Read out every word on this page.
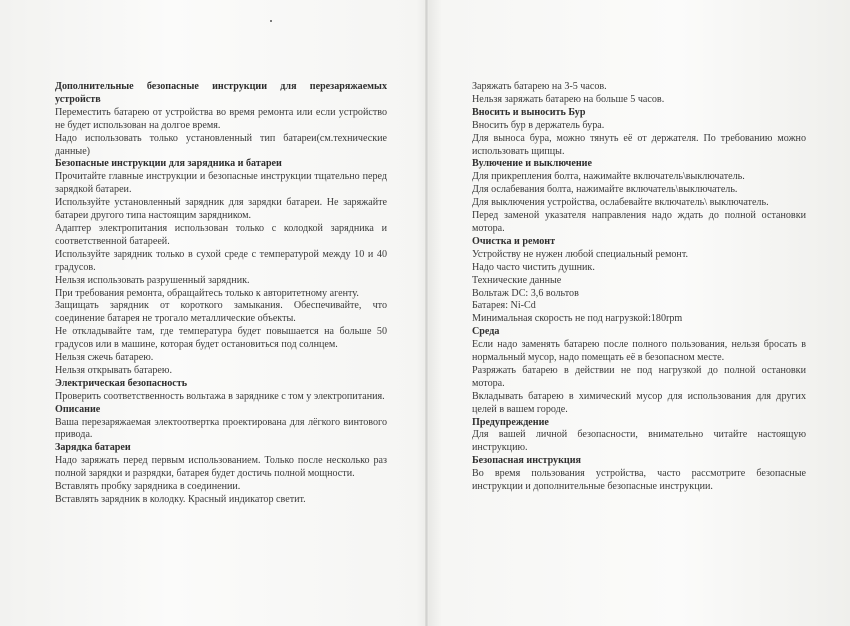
Дополнительные безопасные инструкции для перезаряжаемых устройств
Переместить батарею от устройства во время ремонта или если устройство не будет использован на долгое время.
Надо использовать только установленный тип батареи(см.технические данные)
Безопасные инструкции для зарядника и батареи
Прочитайте главные инструкции и безопасные инструкции тщательно перед зарядкой батареи.
Используйте установленный зарядник для зарядки батареи. Не заряжайте батареи другого типа настоящим зарядником.
Адаптер электропитания использован только с колодкой зарядника и соответственной батареей.
Используйте зарядник только в сухой среде с температурой между 10 и 40 градусов.
Нельзя использовать разрушенный зарядник.
При требования ремонта, обращайтесь только к авторитетному агенту.
Защищать зарядник от короткого замыкания. Обеспечивайте, что соединение батарея не трогало металлические объекты.
Не откладывайте там, где температура будет повышается на больше 50 градусов или в машине, которая будет остановиться под солнцем.
Нельзя сжечь батарею.
Нельзя открывать батарею.
Электрическая безопасность
Проверить соответственность вольтажа в заряднике с том у электропитания.
Описание
Ваша перезаряжаемая электоотвертка проектирована для лёгкого винтового привода.
Зарядка батареи
Надо заряжать перед первым использованием. Только после несколько раз полной зарядки и разрядки, батарея будет достичь полной мощности.
Вставлять пробку зарядника в соединении.
Вставлять зарядник в колодку. Красный индикатор светит.
Заряжать батарею на 3-5 часов.
Нельзя заряжать батарею на больше 5 часов.
Вносить и выносить Бур
Вносить бур в держатель бура.
Для выноса бура, можно тянуть её от держателя. По требованию можно использовать щипцы.
Вулючение и выключение
Для прикрепления болта, нажимайте включатель\выключатель.
Для ослабевания болта, нажимайте включатель\выключатель.
Для выключения устройства, ослабевайте включатель\ выключатель.
Перед заменой указателя направления надо ждать до полной остановки мотора.
Очистка и ремонт
Устройству не нужен любой специальный ремонт.
Надо часто чистить душник.
Технические данные
Вольтаж DC: 3,6 вольтов
Батарея: Ni-Cd
Минимальная скорость не под нагрузкой:180rpm
Среда
Если надо заменять батарею после полного пользования, нельзя бросать в нормальный мусор, надо помещать её в безопасном месте.
Разряжать батарею в действии не под нагрузкой до полной остановки мотора.
Вкладывать батарею в химический мусор для использования для других целей в вашем городе.
Предупреждение
Для вашей личной безопасности, внимательно читайте настоящую инструкцию.
Безопасная инструкция
Во время пользования устройства, часто рассмотрите безопасные инструкции и дополнительные безопасные инструкции.
